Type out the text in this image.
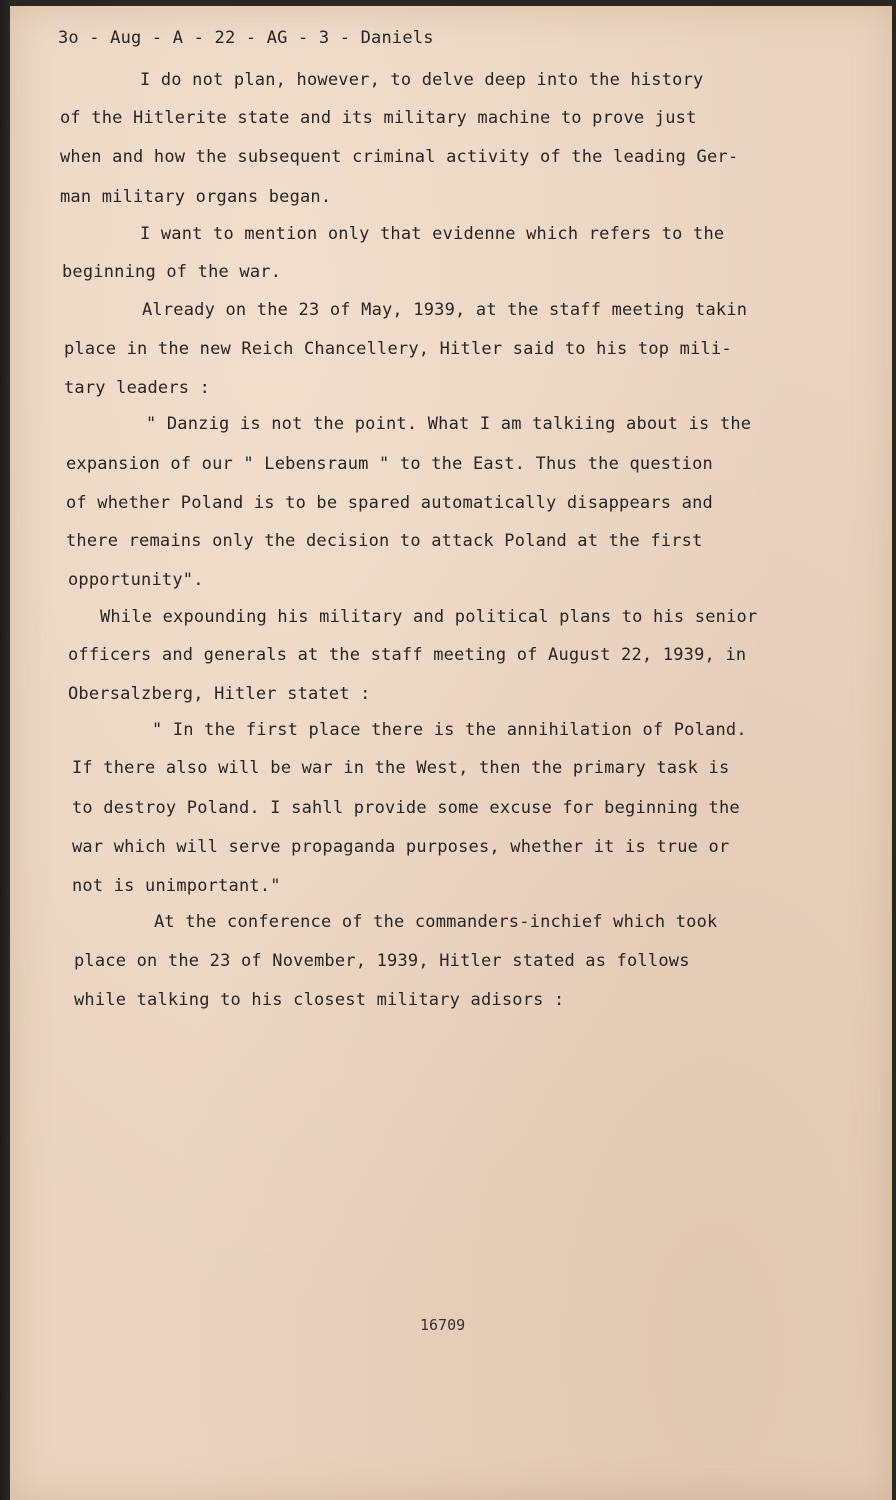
3o - Aug - A - 22 - AG - 3 - Daniels
I do not plan, however, to delve deep into the history
of the Hitlerite state and its military machine to prove just
when and how the subsequent criminal activity of the leading Ger-
man military organs began.
I want to mention only that evidenne which refers to the
beginning of the war.
Already on the 23 of May, 1939, at the staff meeting takin
place in the new Reich Chancellery, Hitler said to his top mili-
tary leaders :
" Danzig is not the point. What I am talkiing about is the
expansion of our " Lebensraum " to the East. Thus the question
of whether Poland is to be spared automatically disappears and
there remains only the decision to attack Poland at the first
opportunity".
While expounding his military and political plans to his senior
officers and generals at the staff meeting of August 22, 1939, in
Obersalzberg, Hitler statet :
" In the first place there is the annihilation of Poland.
If there also will be war in the West, then the primary task is
to destroy Poland. I sahll provide some excuse for beginning the
war which will serve propaganda purposes, whether it is true or
not is unimportant."
At the conference of the commanders-inchief which took
place on the 23 of November, 1939, Hitler stated as follows
while talking to his closest military adisors :
16709
